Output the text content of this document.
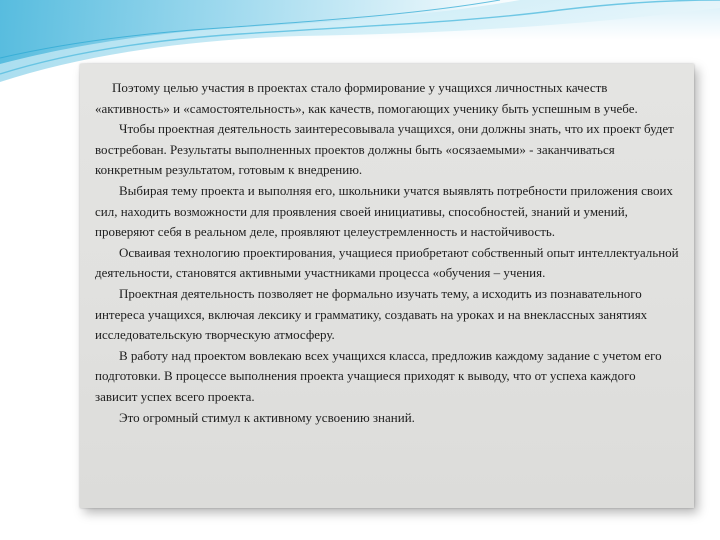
Поэтому целью участия в проектах стало формирование у учащихся личностных качеств «активность» и «самостоятельность», как качеств, помогающих ученику быть успешным в учебе.

Чтобы проектная деятельность заинтересовывала учащихся, они должны знать, что их проект будет востребован. Результаты выполненных проектов должны быть «осязаемыми» - заканчиваться конкретным результатом, готовым к внедрению.

Выбирая тему проекта и выполняя его, школьники учатся выявлять потребности приложения своих сил, находить возможности для проявления своей инициативы, способностей, знаний и умений, проверяют себя в реальном деле, проявляют целеустремленность и настойчивость.

Осваивая технологию проектирования, учащиеся приобретают собственный опыт интеллектуальной деятельности, становятся активными участниками процесса «обучения – учения.

Проектная деятельность позволяет не формально изучать тему, а исходить из познавательного интереса учащихся, включая лексику и грамматику, создавать на уроках и на внеклассных занятиях исследовательскую творческую атмосферу.

В работу над проектом вовлекаю всех учащихся класса, предложив каждому задание с учетом его подготовки. В процессе выполнения проекта учащиеся приходят к выводу, что от успеха каждого зависит успех всего проекта.

Это огромный стимул к активному усвоению знаний.
